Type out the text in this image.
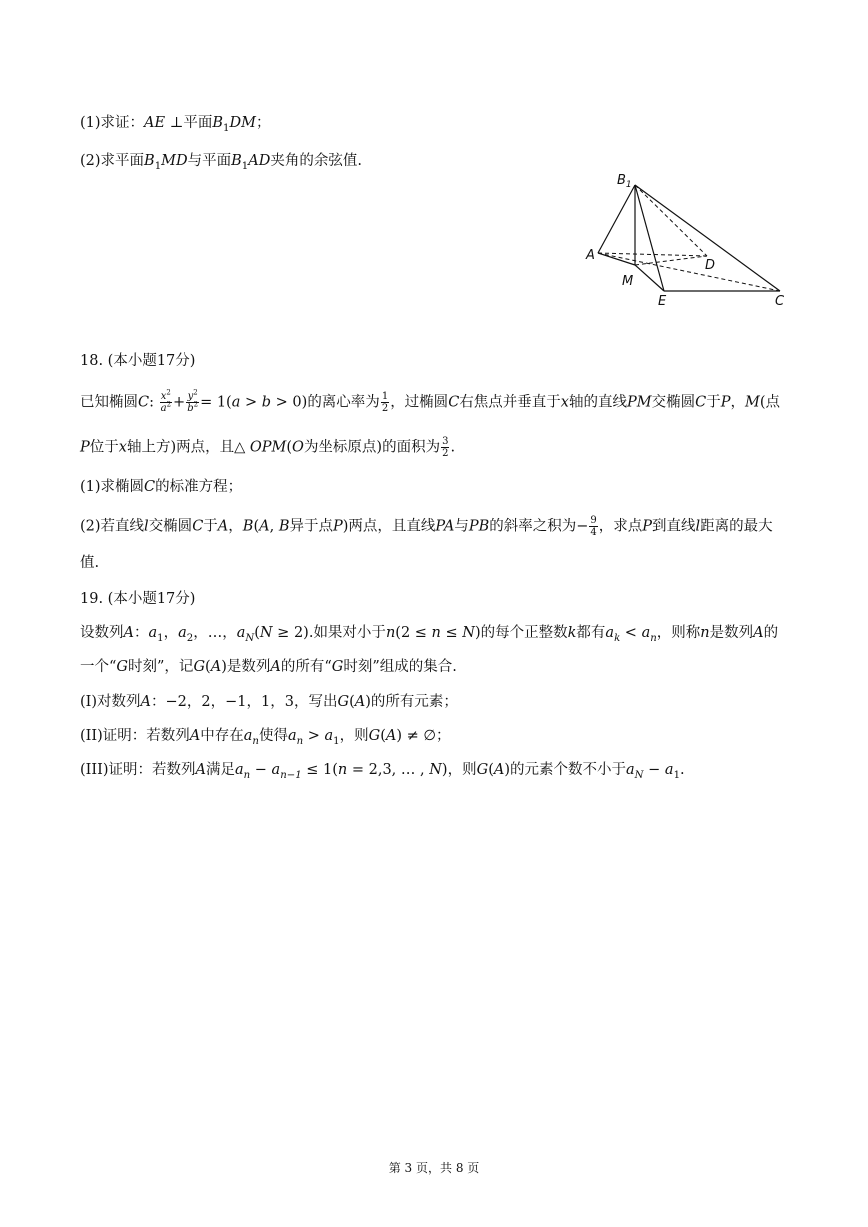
(1)求证：AE ⊥平面$B_1DM$；
(2)求平面$B_1MD$与平面$B_1AD$夹角的余弦值.
$B_1$
A
D
M
E	C
18. (本小题17分)
已知椭圆C: $\frac{x^2}{a^2} + \frac{y^2}{b^2} = 1(a > b > 0)$的离心率为 $\frac{1}{2}$ ，过椭圆C右焦点并垂直于x轴的直线PM交椭圆C于P，M(点
P位于x轴上方)两点，且△ OPM(O为坐标原点)的面积为 $\frac{3}{2}$ .
(1)求椭圆C的标准方程；
(2)若直线l交椭圆C于A，B(A, B异于点P)两点，且直线PA与PB的斜率之积为− $\frac{9}{4}$ ，求点P到直线l距离的最大
值.
19. (本小题17分)
设数列A：$a_1$，$a_2$，…，$a_N(N \ge 2)$.如果对小于n(2 ≤ n ≤ N)的每个正整数k都有$a_k < a_n$，则称n是数列A的
一个“G时刻”，记G(A)是数列A的所有“G时刻”组成的集合.
(I)对数列A：−2，2，−1，1，3，写出G(A)的所有元素；
(II)证明：若数列A中存在$a_n$使得$a_n > a_1$，则G(A) ≠ ∅；
(III)证明：若数列A满足$a_n - a_{n-1} \le 1(n = 2,3$, … , N)，则G(A)的元素个数不小于$a_N - a_1$.
第 3 页，共 8 页
